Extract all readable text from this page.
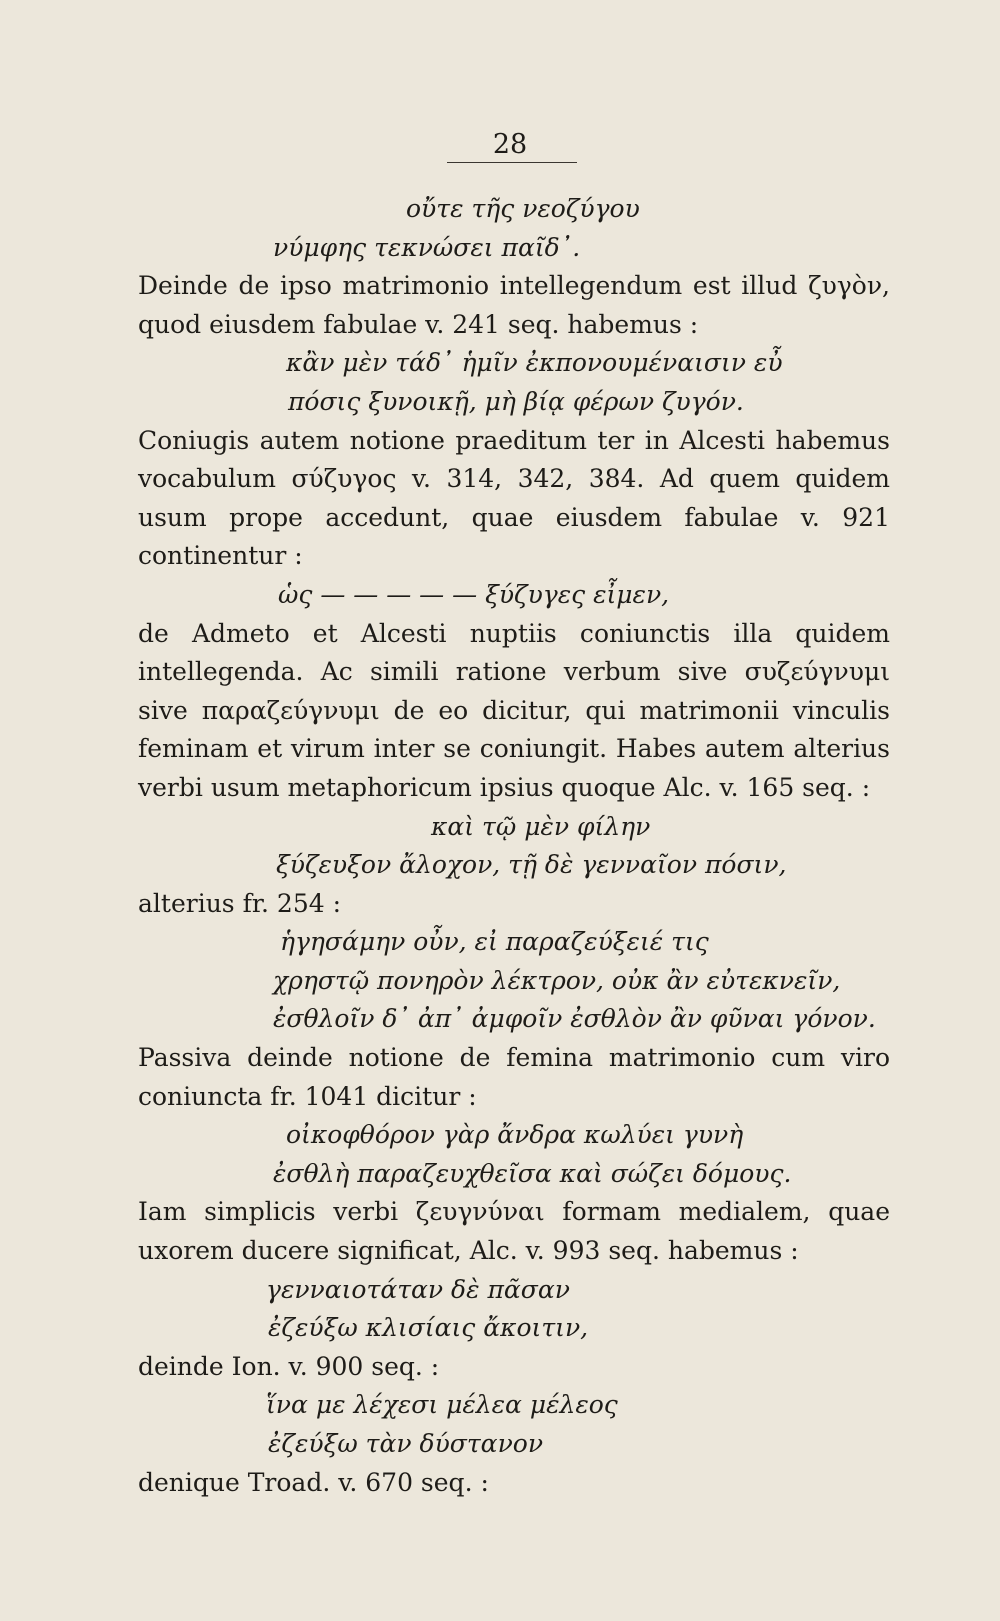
28
οὔτε τῆς νεοζύγου
νύμφης τεκνώσει παῖδ᾽.

Deinde de ipso matrimonio intellegendum est illud ζυγὸν, quod eiusdem fabulae v. 241 seq. habemus :

κἂν μὲν τάδ᾽ ἡμῖν ἐκπονουμέναισιν εὖ
πόσις ξυνοικῇ, μὴ βίᾳ φέρων ζυγόν.

Coniugis autem notione praeditum ter in Alcesti habemus vocabulum σύζυγος v. 314, 342, 384. Ad quem quidem usum prope accedunt, quae eiusdem fabulae v. 921 continentur :

ὡς — — — — — ξύζυγες εἶμεν,

de Admeto et Alcesti nuptiis coniunctis illa quidem intellegenda. Ac simili ratione verbum sive συζεύγνυμι sive παραζεύγνυμι de eo dicitur, qui matrimonii vinculis feminam et virum inter se coniungit. Habes autem alterius verbi usum metaphoricum ipsius quoque Alc. v. 165 seq. :

καὶ τῷ μὲν φίλην
ξύζευξον ἄλοχον, τῇ δὲ γενναῖον πόσιν,

alterius fr. 254 :

ἡγησάμην οὖν, εἰ παραζεύξειέ τις
χρηστῷ πονηρὸν λέκτρον, οὐκ ἂν εὐτεκνεῖν,
ἐσθλοῖν δ᾽ ἀπ᾽ ἀμφοῖν ἐσθλὸν ἂν φῦναι γόνον.

Passiva deinde notione de femina matrimonio cum viro coniuncta fr. 1041 dicitur :

οἰκοφθόρον γὰρ ἄνδρα κωλύει γυνὴ
ἐσθλὴ παραζευχθεῖσα καὶ σώζει δόμους.

Iam simplicis verbi ζευγνύναι formam medialem, quae uxorem ducere significat, Alc. v. 993 seq. habemus :

γενναιοτάταν δὲ πᾶσαν
ἐζεύξω κλισίαις ἄκοιτιν,

deinde Ion. v. 900 seq. :

ἵνα με λέχεσι μέλεα μέλεος
ἐζεύξω τὰν δύστανον

denique Troad. v. 670 seq. :
